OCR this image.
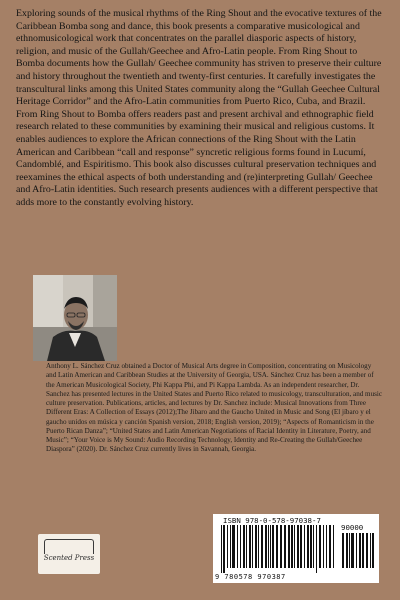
Exploring sounds of the musical rhythms of the Ring Shout and the evocative textures of the Caribbean Bomba song and dance, this book presents a comparative musicological and ethnomusicological work that concentrates on the parallel diasporic aspects of history, religion, and music of the Gullah/Geechee and Afro-Latin people. From Ring Shout to Bomba documents how the Gullah/ Geechee community has striven to preserve their culture and history throughout the twentieth and twenty-first centuries. It carefully investigates the transcultural links among this United States community along the “Gullah Geechee Cultural Heritage Corridor” and the Afro-Latin communities from Puerto Rico, Cuba, and Brazil. From Ring Shout to Bomba offers readers past and present archival and ethnographic field research related to these communities by examining their musical and religious customs. It enables audiences to explore the African connections of the Ring Shout with the Latin American and Caribbean “call and response” syncretic religious forms found in Lucumí, Candomblé, and Espiritismo. This book also discusses cultural preservation techniques and reexamines the ethical aspects of both understanding and (re)interpreting Gullah/ Geechee and Afro-Latin identities. Such research presents audiences with a different perspective that adds more to the constantly evolving history.

Anthony L. Sánchez Cruz obtained a Doctor of Musical Arts degree in Composition, concentrating on Musicology and Latin American and Caribbean Studies at the University of Georgia, USA. Sánchez Cruz has been a member of the American Musicological Society, Phi Kappa Phi, and Pi Kappa Lambda. As an independent researcher, Dr. Sanchez has presented lectures in the United States and Puerto Rico related to musicology, transculturation, and music culture preservation. Publications, articles, and lectures by Dr. Sanchez include: Musical Innovations from Three Different Eras: A Collection of Essays (2012);The Jibaro and the Gaucho United in Music and Song (El jíbaro y el gaucho unidos en música y canción Spanish version, 2018; English version, 2019); “Aspects of Romanticism in the Puerto Rican Danza”; “United States and Latin American Negotiations of Racial Identity in Literature, Poetry, and Music”; “Your Voice is My Sound: Audio Recording Technology, Identity and Re-Creating the Gullah/Geechee Diaspora” (2020). Dr. Sánchez Cruz currently lives in Savannah, Georgia.

Scented Press
ISBN 978-0-578-97038-7
90000
9 780578 970387
